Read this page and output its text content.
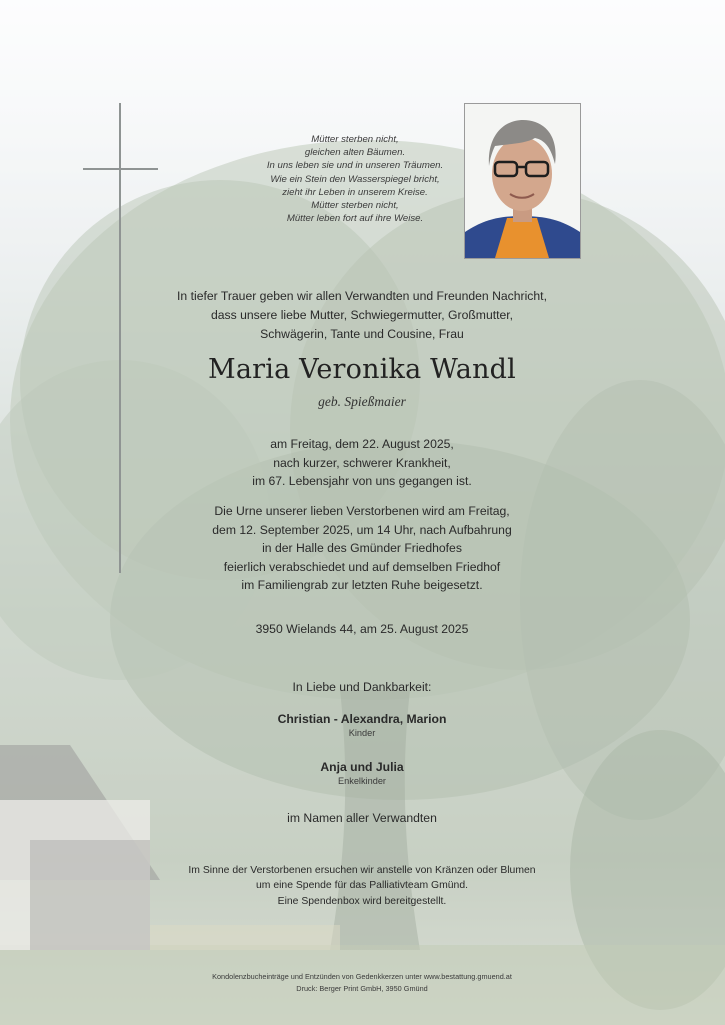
Mütter sterben nicht,
gleichen alten Bäumen.
In uns leben sie und in unseren Träumen.
Wie ein Stein den Wasserspiegel bricht,
zieht ihr Leben in unserem Kreise.
Mütter sterben nicht,
Mütter leben fort auf ihre Weise.
In tiefer Trauer geben wir allen Verwandten und Freunden Nachricht,
dass unsere liebe Mutter, Schwiegermutter, Großmutter,
Schwägerin, Tante und Cousine, Frau
Maria Veronika Wandl
geb. Spießmaier
am Freitag, dem 22. August 2025,
nach kurzer, schwerer Krankheit,
im 67. Lebensjahr von uns gegangen ist.
Die Urne unserer lieben Verstorbenen wird am Freitag,
dem 12. September 2025, um 14 Uhr, nach Aufbahrung
in der Halle des Gmünder Friedhofes
feierlich verabschiedet und auf demselben Friedhof
im Familiengrab zur letzten Ruhe beigesetzt.
3950 Wielands 44, am 25. August 2025
In Liebe und Dankbarkeit:
Christian - Alexandra, Marion
Kinder
Anja und Julia
Enkelkinder
im Namen aller Verwandten
Im Sinne der Verstorbenen ersuchen wir anstelle von Kränzen oder Blumen
um eine Spende für das Palliativteam Gmünd.
Eine Spendenbox wird bereitgestellt.
Kondolenzbucheinträge und Entzünden von Gedenkkerzen unter www.bestattung.gmuend.at
Druck: Berger Print GmbH, 3950 Gmünd
